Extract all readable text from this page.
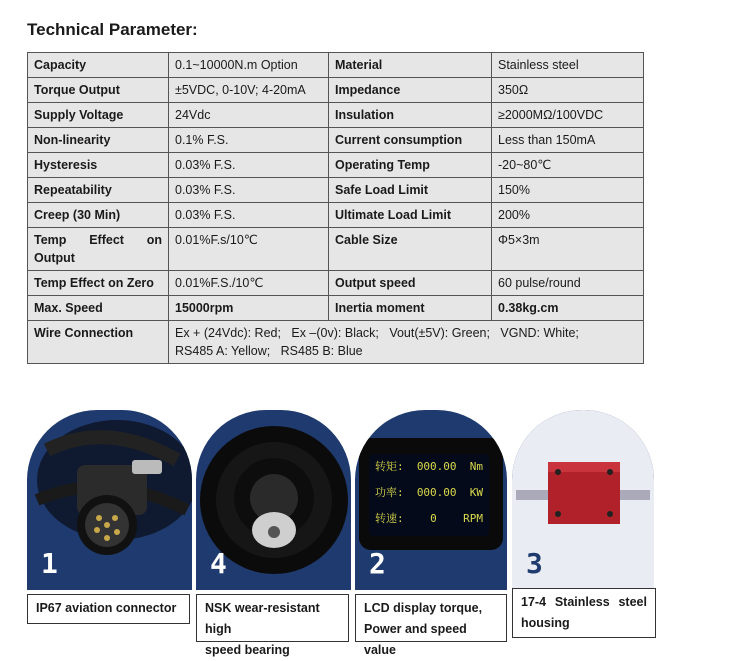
Technical Parameter:
Capacity	0.1~10000N.m Option	Material	Stainless steel
Torque Output	±5VDC, 0-10V; 4-20mA	Impedance	350Ω
Supply Voltage	24Vdc	Insulation	≥2000MΩ/100VDC
Non-linearity	0.1% F.S.	Current consumption	Less than 150mA
Hysteresis	0.03% F.S.	Operating Temp	-20~80℃
Repeatability	0.03% F.S.	Safe Load Limit	150%
Creep (30 Min)	0.03% F.S.	Ultimate Load Limit	200%

Temp Effect on
Output	0.01%F.s/10℃	Cable Size	Φ5×3m
Temp Effect on Zero	0.01%F.S./10℃	Output speed	60 pulse/round
Max. Speed	15000rpm	Inertia moment	0.38kg.cm
Wire Connection	Ex + (24Vdc): Red;   Ex –(0v): Black;   Vout(±5V): Green;   VGND: White;
RS485 A: Yellow;   RS485 B: Blue		
1
IP67 aviation connector
4
NSK wear-resistant high
speed bearing
转矩: 000.00 Nm
功率: 000.00 KW
转速: 0 RPM
2
LCD display torque,
Power and speed value
3
17-4 Stainless steel
housing
